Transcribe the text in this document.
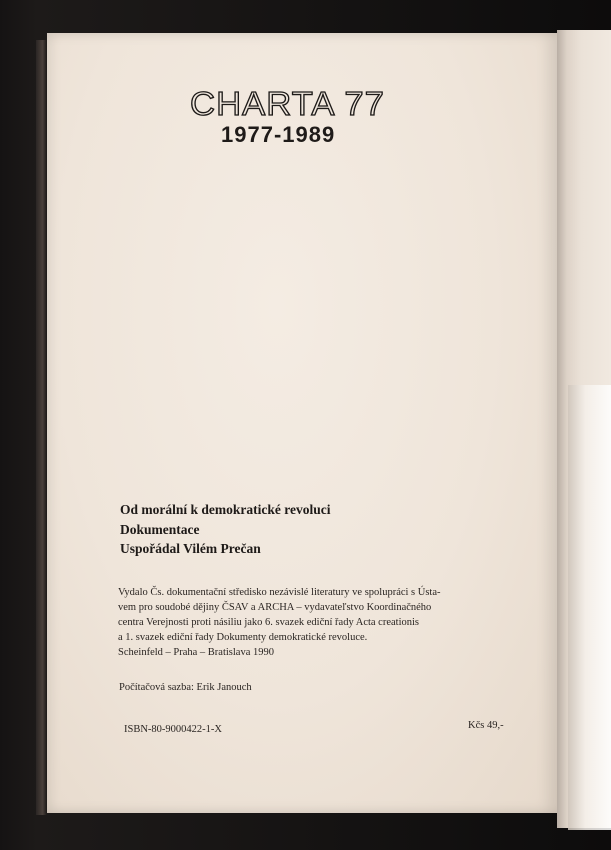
CHARTA 77
1977-1989
Od morální k demokratické revoluci
Dokumentace
Uspořádal Vilém Prečan
Vydalo Čs. dokumentační středisko nezávislé literatury ve spolupráci s Ústa-
vem pro soudobé dějiny ČSAV a ARCHA – vydavateľstvo Koordinačného
centra Verejnosti proti násiliu jako 6. svazek ediční řady Acta creationis
a 1. svazek ediční řady Dokumenty demokratické revoluce.
Scheinfeld – Praha – Bratislava 1990
Počítačová sazba: Erik Janouch
ISBN-80-9000422-1-X	Kčs 49,-
